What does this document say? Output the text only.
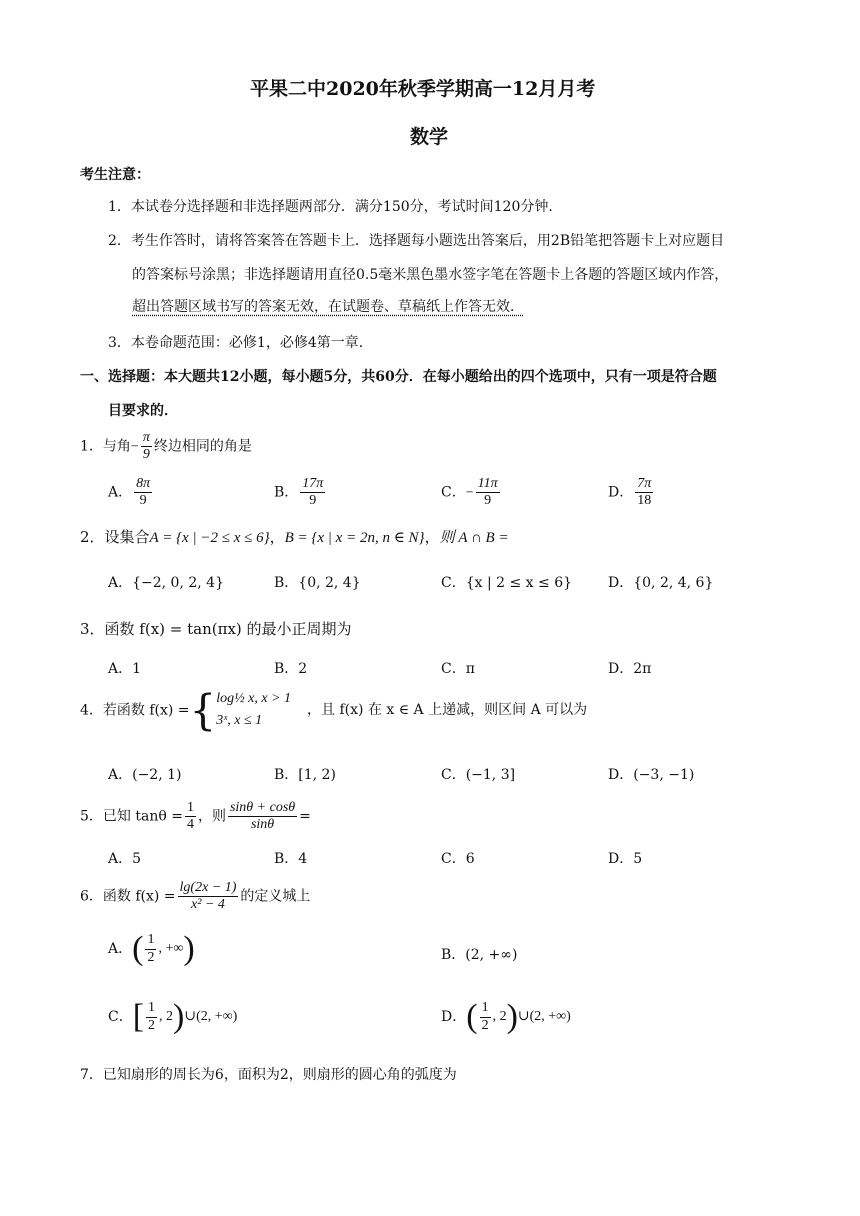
平果二中2020年秋季学期高一12月月考
数学
考生注意：
1．本试卷分选择题和非选择题两部分．满分150分，考试时间120分钟．
2．考生作答时，请将答案答在答题卡上．选择题每小题选出答案后，用2B铅笔把答题卡上对应题目
的答案标号涂黑；非选择题请用直径0.5毫米黑色墨水签字笔在答题卡上各题的答题区域内作答，
超出答题区域书写的答案无效，在试题卷、草稿纸上作答无效．
3．本卷命题范围：必修1，必修4第一章．
一、选择题：本大题共12小题，每小题5分，共60分．在每小题给出的四个选项中，只有一项是符合题
目要求的．
1．与角− $\frac{\pi}{9}$ 终边相同的角是
A． $\frac{8\pi}{9}$	B． $\frac{17\pi}{9}$	C．− $\frac{11\pi}{9}$	D． $\frac{7\pi}{18}$
2．设集合A = {x | −2 ≤ x ≤ 6}，B = {x | x = 2n, n ∈ N}，则 A ∩ B =
A．{−2, 0, 2, 4}	B．{0, 2, 4}	C．{x | 2 ≤ x ≤ 6}	D．{0, 2, 4, 6}
3．函数 f(x) = tan(πx) 的最小正周期为
A．1	B．2	C．π	D．2π
4．若函数 f(x) ={ log½ x, x > 1
3ˣ, x ≤ 1
，且 f(x) 在 x ∈ A 上递减，则区间 A 可以为
A．(−2, 1)	B．[1, 2)	C．(−1, 3]	D．(−3, −1)
5．已知 $\tan\theta = \frac{1}{4}$ ，则 $\frac{\sin\theta + \cos\theta}{\sin\theta}$ =
A．5	B．4	C．6	D．5
6．函数 $f(x) = \frac{\lg(2x - 1)}{\text{x² − 4}}$ 的定义城上
A．( $\frac{1}{2}$ , +∞)	B．(2, +∞)
C．[ $\frac{1}{2}$ , 2)∪(2, +∞)	D．( $\frac{1}{2}$ , 2)∪(2, +∞)
7．已知扇形的周长为6，面积为2，则扇形的圆心角的弧度为
